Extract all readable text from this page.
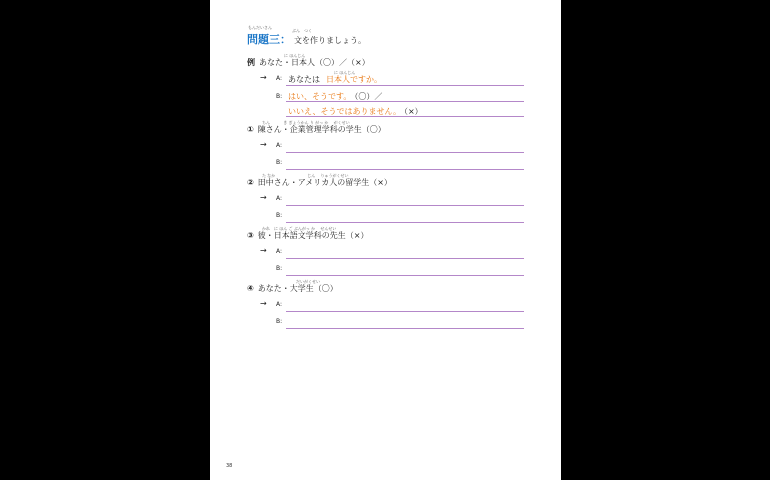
もんだいさん
ぶん　つく
問題三： 文を作りましょう。
に ほんじん
例 あなた・日本人（〇）／（×）
→ A:
に ほんじん
あなたは 日本人ですか。
B: はい、そうです。 （〇）／
いいえ、そうではありません。 （×）
ちん　　　 き ぎょうかん り がっ か　 がくせい
① 陳さん・企業管理学科の学生（〇）
→ A:
B:
た なか　　　　　　　　じん　 りゅうがくせい
② 田中さん・アメリカ人の留学生（×）
→ A:
B:
かれ　に ほん ご ぶんがっ か　 せんせい
③ 彼・日本語文学科の先生（×）
→ A:
B:
だいがくせい
④ あなた・大学生（〇）
→ A:
B:
38
